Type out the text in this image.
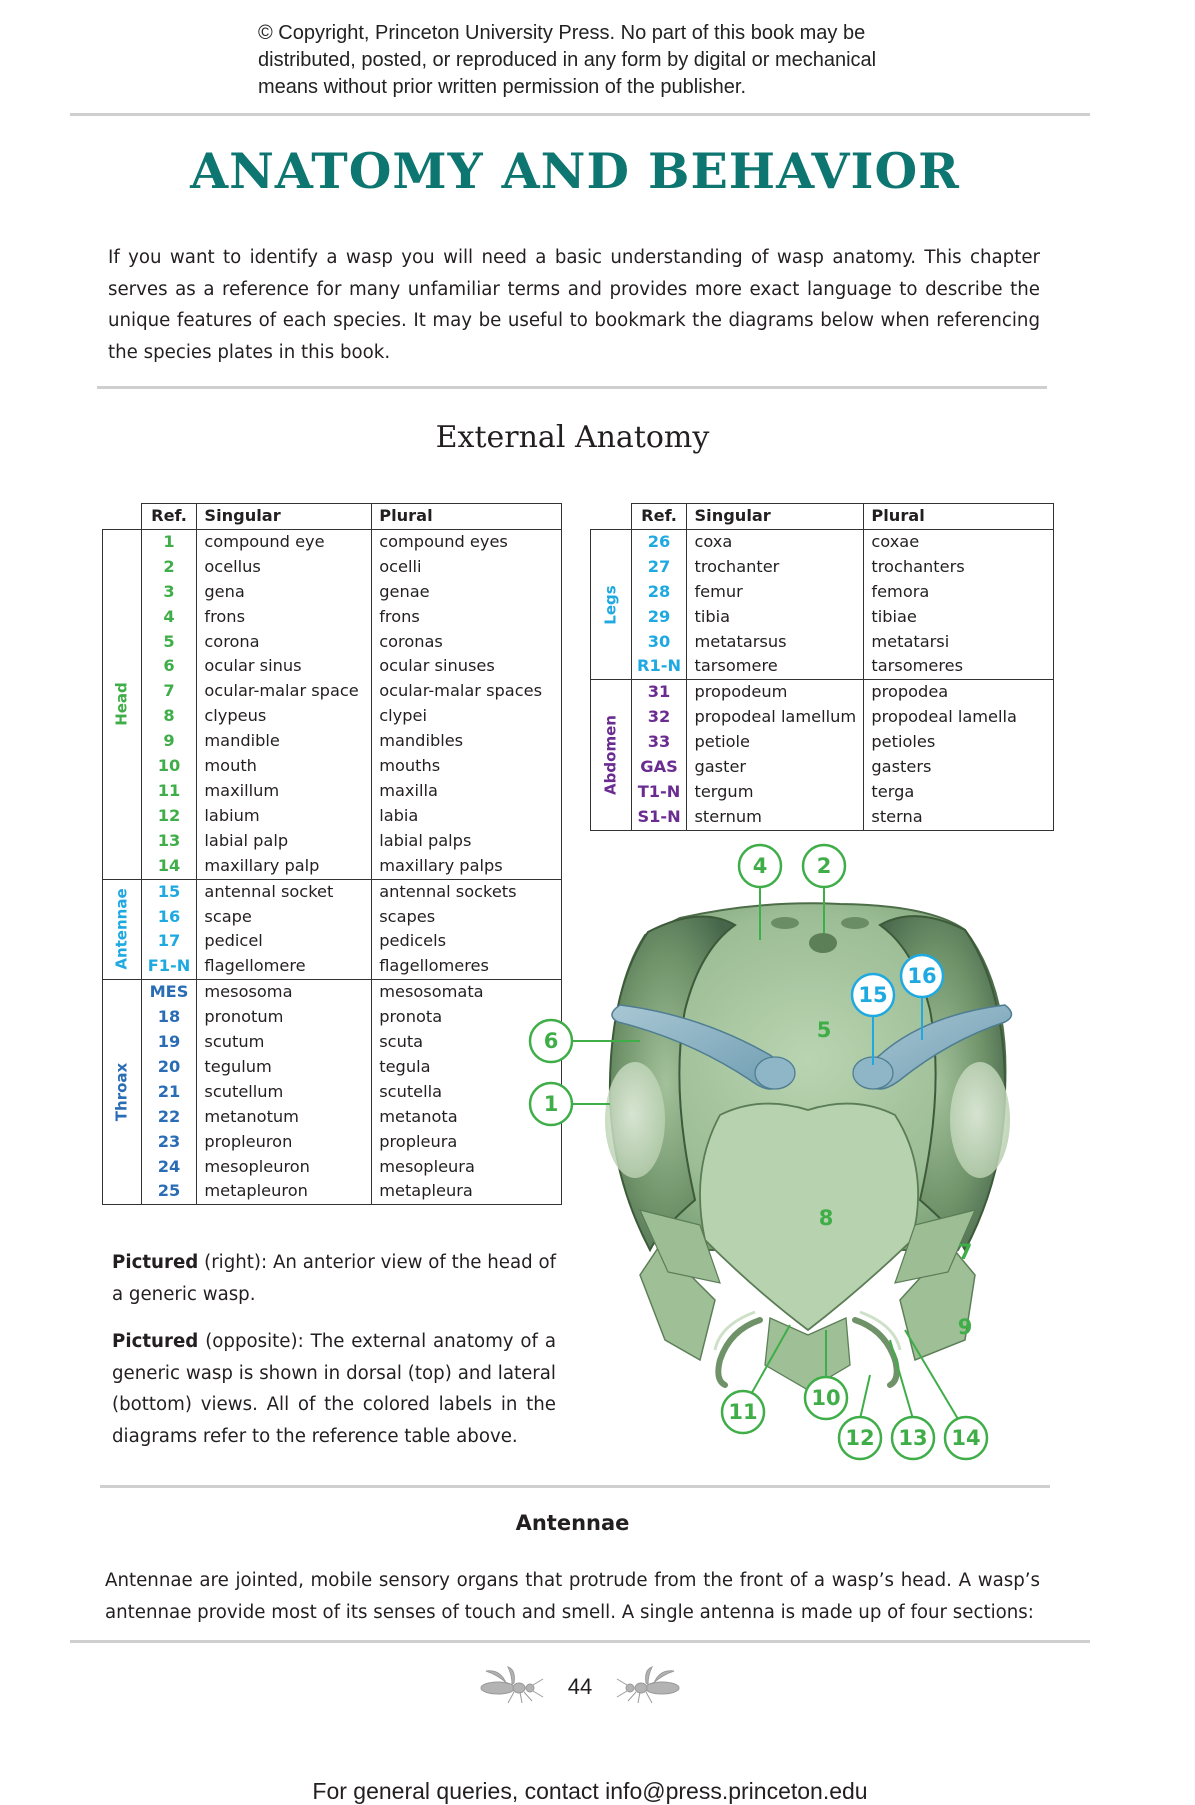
© Copyright, Princeton University Press. No part of this book may be
distributed, posted, or reproduced in any form by digital or mechanical
means without prior written permission of the publisher.
ANATOMY AND BEHAVIOR
If you want to identify a wasp you will need a basic understanding of wasp anatomy. This chapter serves as a reference for many unfamiliar terms and provides more exact language to describe the unique features of each species. It may be useful to bookmark the diagrams below when referencing the species plates in this book.
External Anatomy
	Ref.	Singular	Plural

Head	1	compound eye	compound eyes
	2	ocellus	ocelli
	3	gena	genae
	4	frons	frons
	5	corona	coronas
	6	ocular sinus	ocular sinuses
	7	ocular-malar space	ocular-malar spaces
	8	clypeus	clypei
	9	mandible	mandibles
	10	mouth	mouths
	11	maxillum	maxilla
	12	labium	labia
	13	labial palp	labial palps
	14	maxillary palp	maxillary palps

Antennae	15	antennal socket	antennal sockets
	16	scape	scapes
	17	pedicel	pedicels
	F1-N	flagellomere	flagellomeres

Throax	MES	mesosoma	mesosomata
	18	pronotum	pronota
	19	scutum	scuta
	20	tegulum	tegula
	21	scutellum	scutella
	22	metanotum	metanota
	23	propleuron	propleura
	24	mesopleuron	mesopleura
	25	metapleuron	metapleura
	Ref.	Singular	Plural

Legs	26	coxa	coxae
	27	trochanter	trochanters
	28	femur	femora
	29	tibia	tibiae
	30	metatarsus	metatarsi
	R1-N	tarsomere	tarsomeres

Abdomen	31	propodeum	propodea
	32	propodeal lamellum	propodeal lamella
	33	petiole	petioles
	GAS	gaster	gasters
	T1-N	tergum	terga
	S1-N	sternum	sterna
Pictured (right): An anterior view of the head of a generic wasp.
Pictured (opposite): The external anatomy of a generic wasp is shown in dorsal (top) and lateral (bottom) views. All of the colored labels in the diagrams refer to the reference table above.
4 2
6
1
15
16
11
10
12 13 14
5
8
7
9
Antennae
Antennae are jointed, mobile sensory organs that protrude from the front of a wasp’s head. A wasp’s antennae provide most of its senses of touch and smell. A single antenna is made up of four sections:
44
For general queries, contact info@press.princeton.edu
